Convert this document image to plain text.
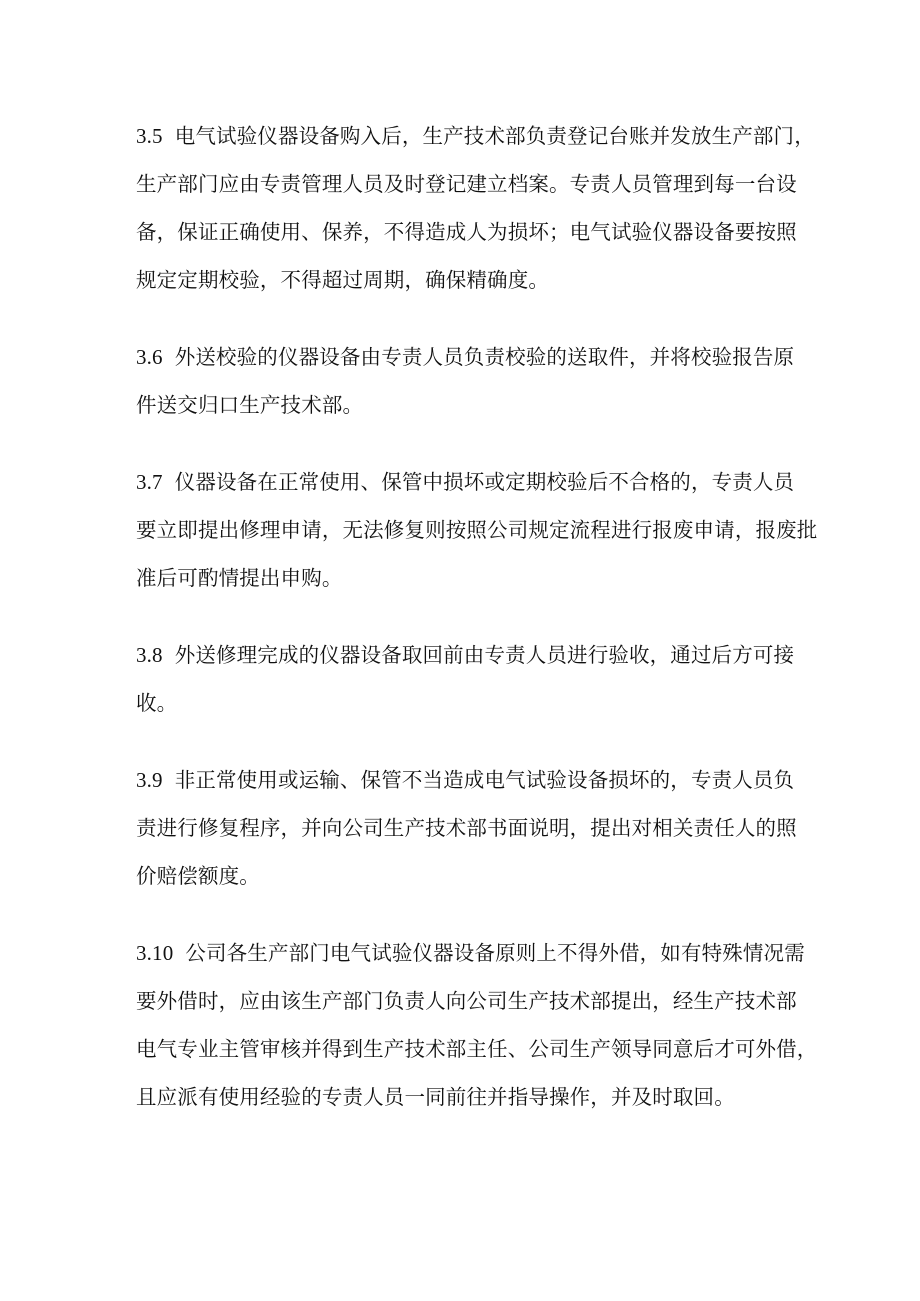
3.5 电气试验仪器设备购入后，生产技术部负责登记台账并发放生产部门，
生产部门应由专责管理人员及时登记建立档案。专责人员管理到每一台设
备，保证正确使用、保养，不得造成人为损坏；电气试验仪器设备要按照
规定定期校验，不得超过周期，确保精确度。
3.6 外送校验的仪器设备由专责人员负责校验的送取件，并将校验报告原
件送交归口生产技术部。
3.7 仪器设备在正常使用、保管中损坏或定期校验后不合格的，专责人员
要立即提出修理申请，无法修复则按照公司规定流程进行报废申请，报废批
准后可酌情提出申购。
3.8 外送修理完成的仪器设备取回前由专责人员进行验收，通过后方可接
收。
3.9 非正常使用或运输、保管不当造成电气试验设备损坏的，专责人员负
责进行修复程序，并向公司生产技术部书面说明，提出对相关责任人的照
价赔偿额度。
3.10 公司各生产部门电气试验仪器设备原则上不得外借，如有特殊情况需
要外借时，应由该生产部门负责人向公司生产技术部提出，经生产技术部
电气专业主管审核并得到生产技术部主任、公司生产领导同意后才可外借，
且应派有使用经验的专责人员一同前往并指导操作，并及时取回。
